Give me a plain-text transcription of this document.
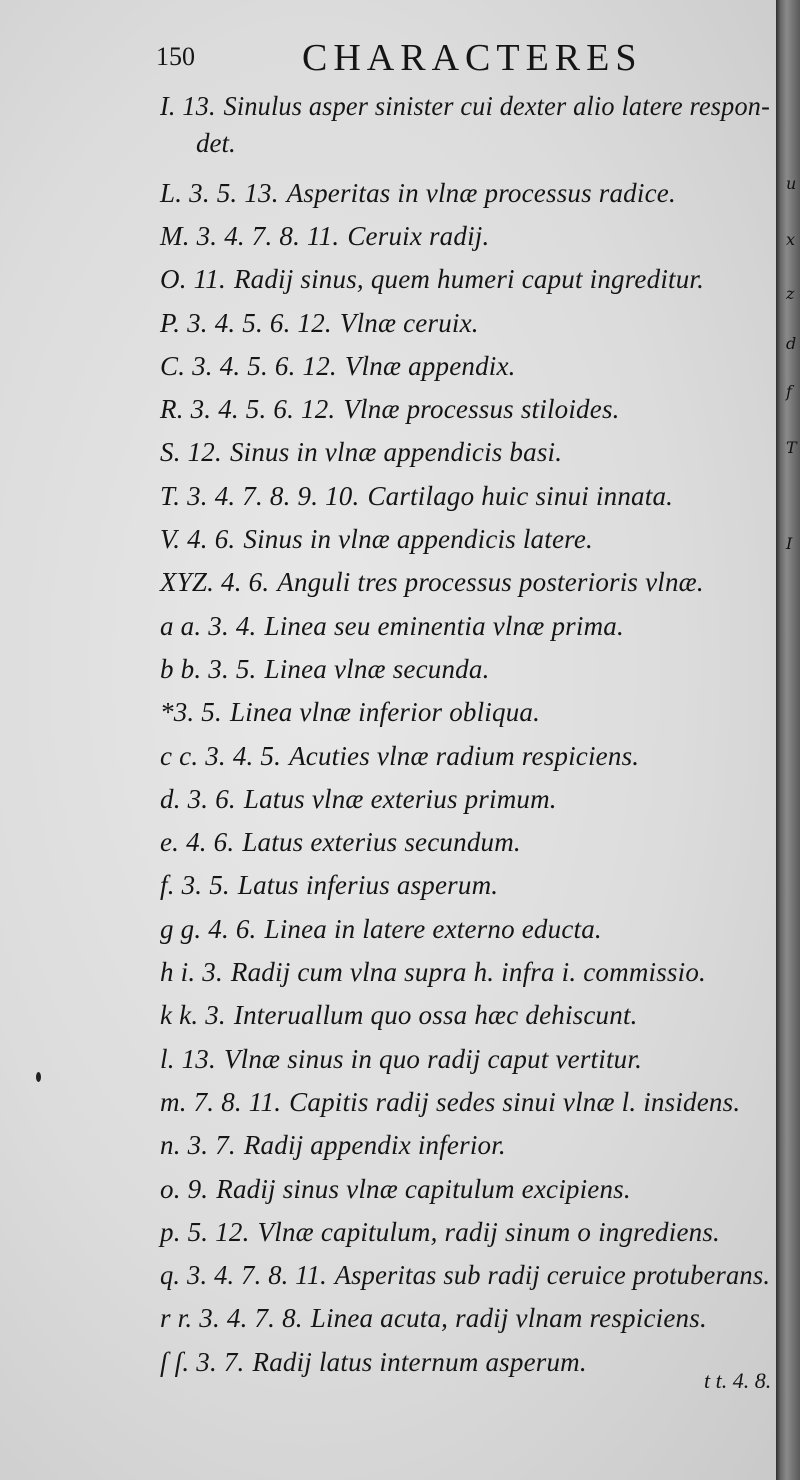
150	CHARACTERES
I. 13. Sinulus asper sinister cui dexter alio latere respon-
det.
L. 3. 5. 13. Asperitas in vlnæ processus radice.
M. 3. 4. 7. 8. 11. Ceruix radij.
O. 11. Radij sinus, quem humeri caput ingreditur.
P. 3. 4. 5. 6. 12. Vlnæ ceruix.
C. 3. 4. 5. 6. 12. Vlnæ appendix.
R. 3. 4. 5. 6. 12. Vlnæ processus stiloides.
S. 12. Sinus in vlnæ appendicis basi.
T. 3. 4. 7. 8. 9. 10. Cartilago huic sinui innata.
V. 4. 6. Sinus in vlnæ appendicis latere.
XYZ. 4. 6. Anguli tres processus posterioris vlnæ.
a a. 3. 4. Linea seu eminentia vlnæ prima.
b b. 3. 5. Linea vlnæ secunda.
*3. 5. Linea vlnæ inferior obliqua.
c c. 3. 4. 5. Acuties vlnæ radium respiciens.
d. 3. 6. Latus vlnæ exterius primum.
e. 4. 6. Latus exterius secundum.
f. 3. 5. Latus inferius asperum.
g g. 4. 6. Linea in latere externo educta.
h i. 3. Radij cum vlna supra h. infra i. commissio.
k k. 3. Interuallum quo ossa hæc dehiscunt.
l. 13. Vlnæ sinus in quo radij caput vertitur.
m. 7. 8. 11. Capitis radij sedes sinui vlnæ l. insidens.
n. 3. 7. Radij appendix inferior.
o. 9. Radij sinus vlnæ capitulum excipiens.
p. 5. 12. Vlnæ capitulum, radij sinum o ingrediens.
q. 3. 4. 7. 8. 11. Asperitas sub radij ceruice protuberans.
r r. 3. 4. 7. 8. Linea acuta, radij vlnam respiciens.
ſ ſ. 3. 7. Radij latus internum asperum.
t t. 4. 8.
u
x
z
d
f
T
I
